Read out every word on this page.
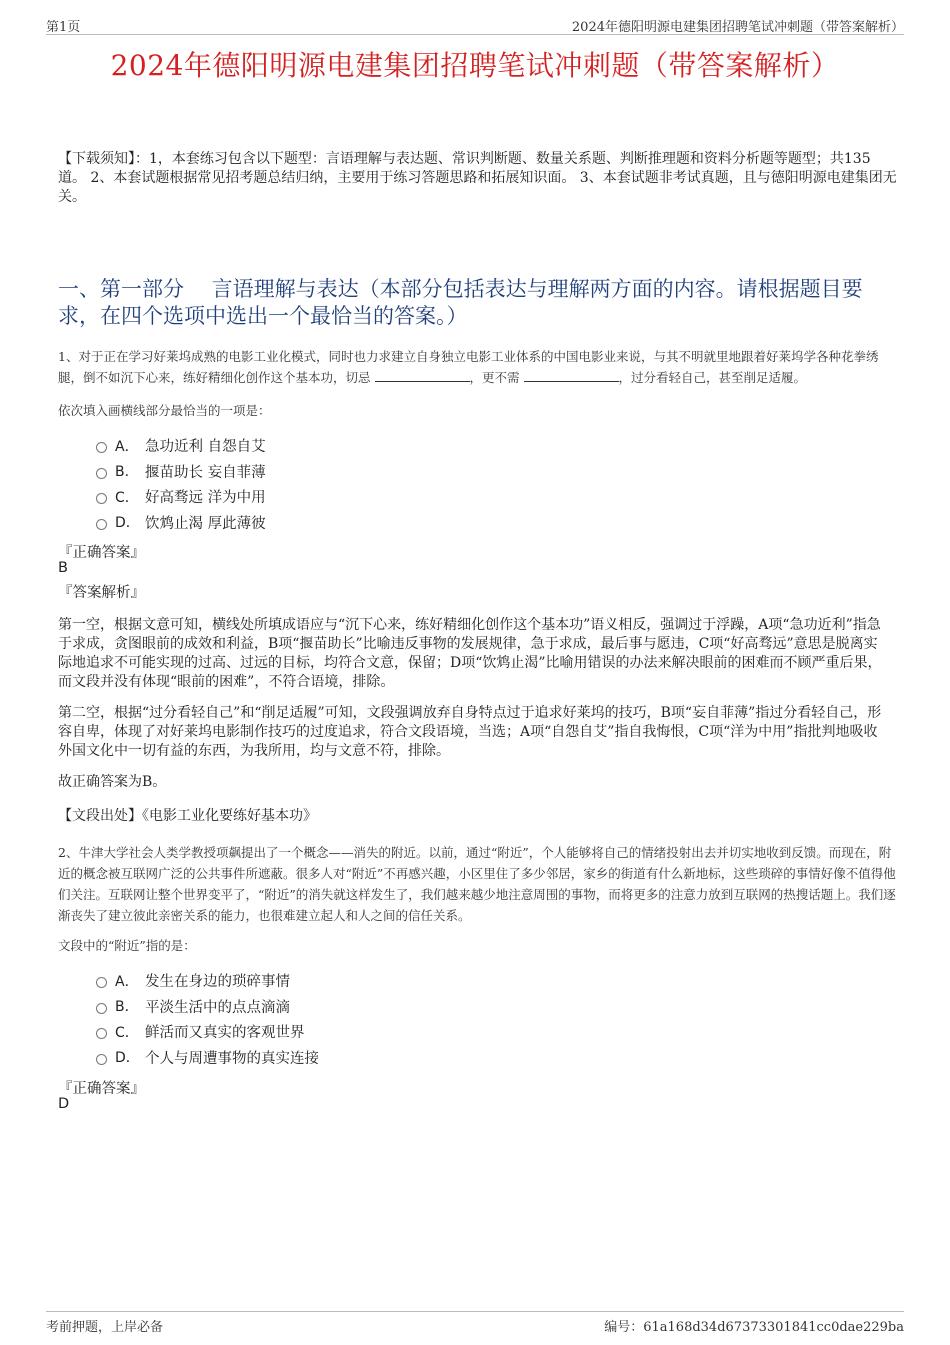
第1页	2024年德阳明源电建集团招聘笔试冲刺题（带答案解析）
2024年德阳明源电建集团招聘笔试冲刺题（带答案解析）
【下载须知】：1，本套练习包含以下题型：言语理解与表达题、常识判断题、数量关系题、判断推理题和资料分析题等题型；共135道。 2、本套试题根据常见招考题总结归纳，主要用于练习答题思路和拓展知识面。 3、本套试题非考试真题，且与德阳明源电建集团无关。
一、第一部分　 言语理解与表达（本部分包括表达与理解两方面的内容。请根据题目要求，在四个选项中选出一个最恰当的答案。）
1、对于正在学习好莱坞成熟的电影工业化模式，同时也力求建立自身独立电影工业体系的中国电影业来说，与其不明就里地跟着好莱坞学各种花拳绣腿，倒不如沉下心来，练好精细化创作这个基本功，切忌	，更不需	，过分看轻自己，甚至削足适履。
依次填入画横线部分最恰当的一项是：
A． 急功近利 自怨自艾
B． 揠苗助长 妄自菲薄
C． 好高骛远 洋为中用
D． 饮鸩止渴 厚此薄彼
『正确答案』
B
『答案解析』
第一空，根据文意可知，横线处所填成语应与“沉下心来，练好精细化创作这个基本功”语义相反，强调过于浮躁，A项“急功近利”指急于求成，贪图眼前的成效和利益，B项“揠苗助长”比喻违反事物的发展规律，急于求成，最后事与愿违，C项“好高骛远”意思是脱离实际地追求不可能实现的过高、过远的目标，均符合文意，保留；D项“饮鸩止渴”比喻用错误的办法来解决眼前的困难而不顾严重后果，而文段并没有体现“眼前的困难”，不符合语境，排除。
第二空，根据“过分看轻自己”和“削足适履”可知，文段强调放弃自身特点过于追求好莱坞的技巧，B项“妄自菲薄”指过分看轻自己，形容自卑，体现了对好莱坞电影制作技巧的过度追求，符合文段语境，当选；A项“自怨自艾”指自我悔恨，C项“洋为中用”指批判地吸收外国文化中一切有益的东西，为我所用，均与文意不符，排除。
故正确答案为B。
【文段出处】《电影工业化要练好基本功》
2、牛津大学社会人类学教授项飙提出了一个概念——消失的附近。以前，通过“附近”，个人能够将自己的情绪投射出去并切实地收到反馈。而现在，附近的概念被互联网广泛的公共事件所遮蔽。很多人对“附近”不再感兴趣，小区里住了多少邻居，家乡的街道有什么新地标，这些琐碎的事情好像不值得他们关注。互联网让整个世界变平了，“附近”的消失就这样发生了，我们越来越少地注意周围的事物，而将更多的注意力放到互联网的热搜话题上。我们逐渐丧失了建立彼此亲密关系的能力，也很难建立起人和人之间的信任关系。
文段中的“附近”指的是：
A． 发生在身边的琐碎事情
B． 平淡生活中的点点滴滴
C． 鲜活而又真实的客观世界
D． 个人与周遭事物的真实连接
『正确答案』
D
考前押题，上岸必备	编号：61a168d34d67373301841cc0dae229ba
